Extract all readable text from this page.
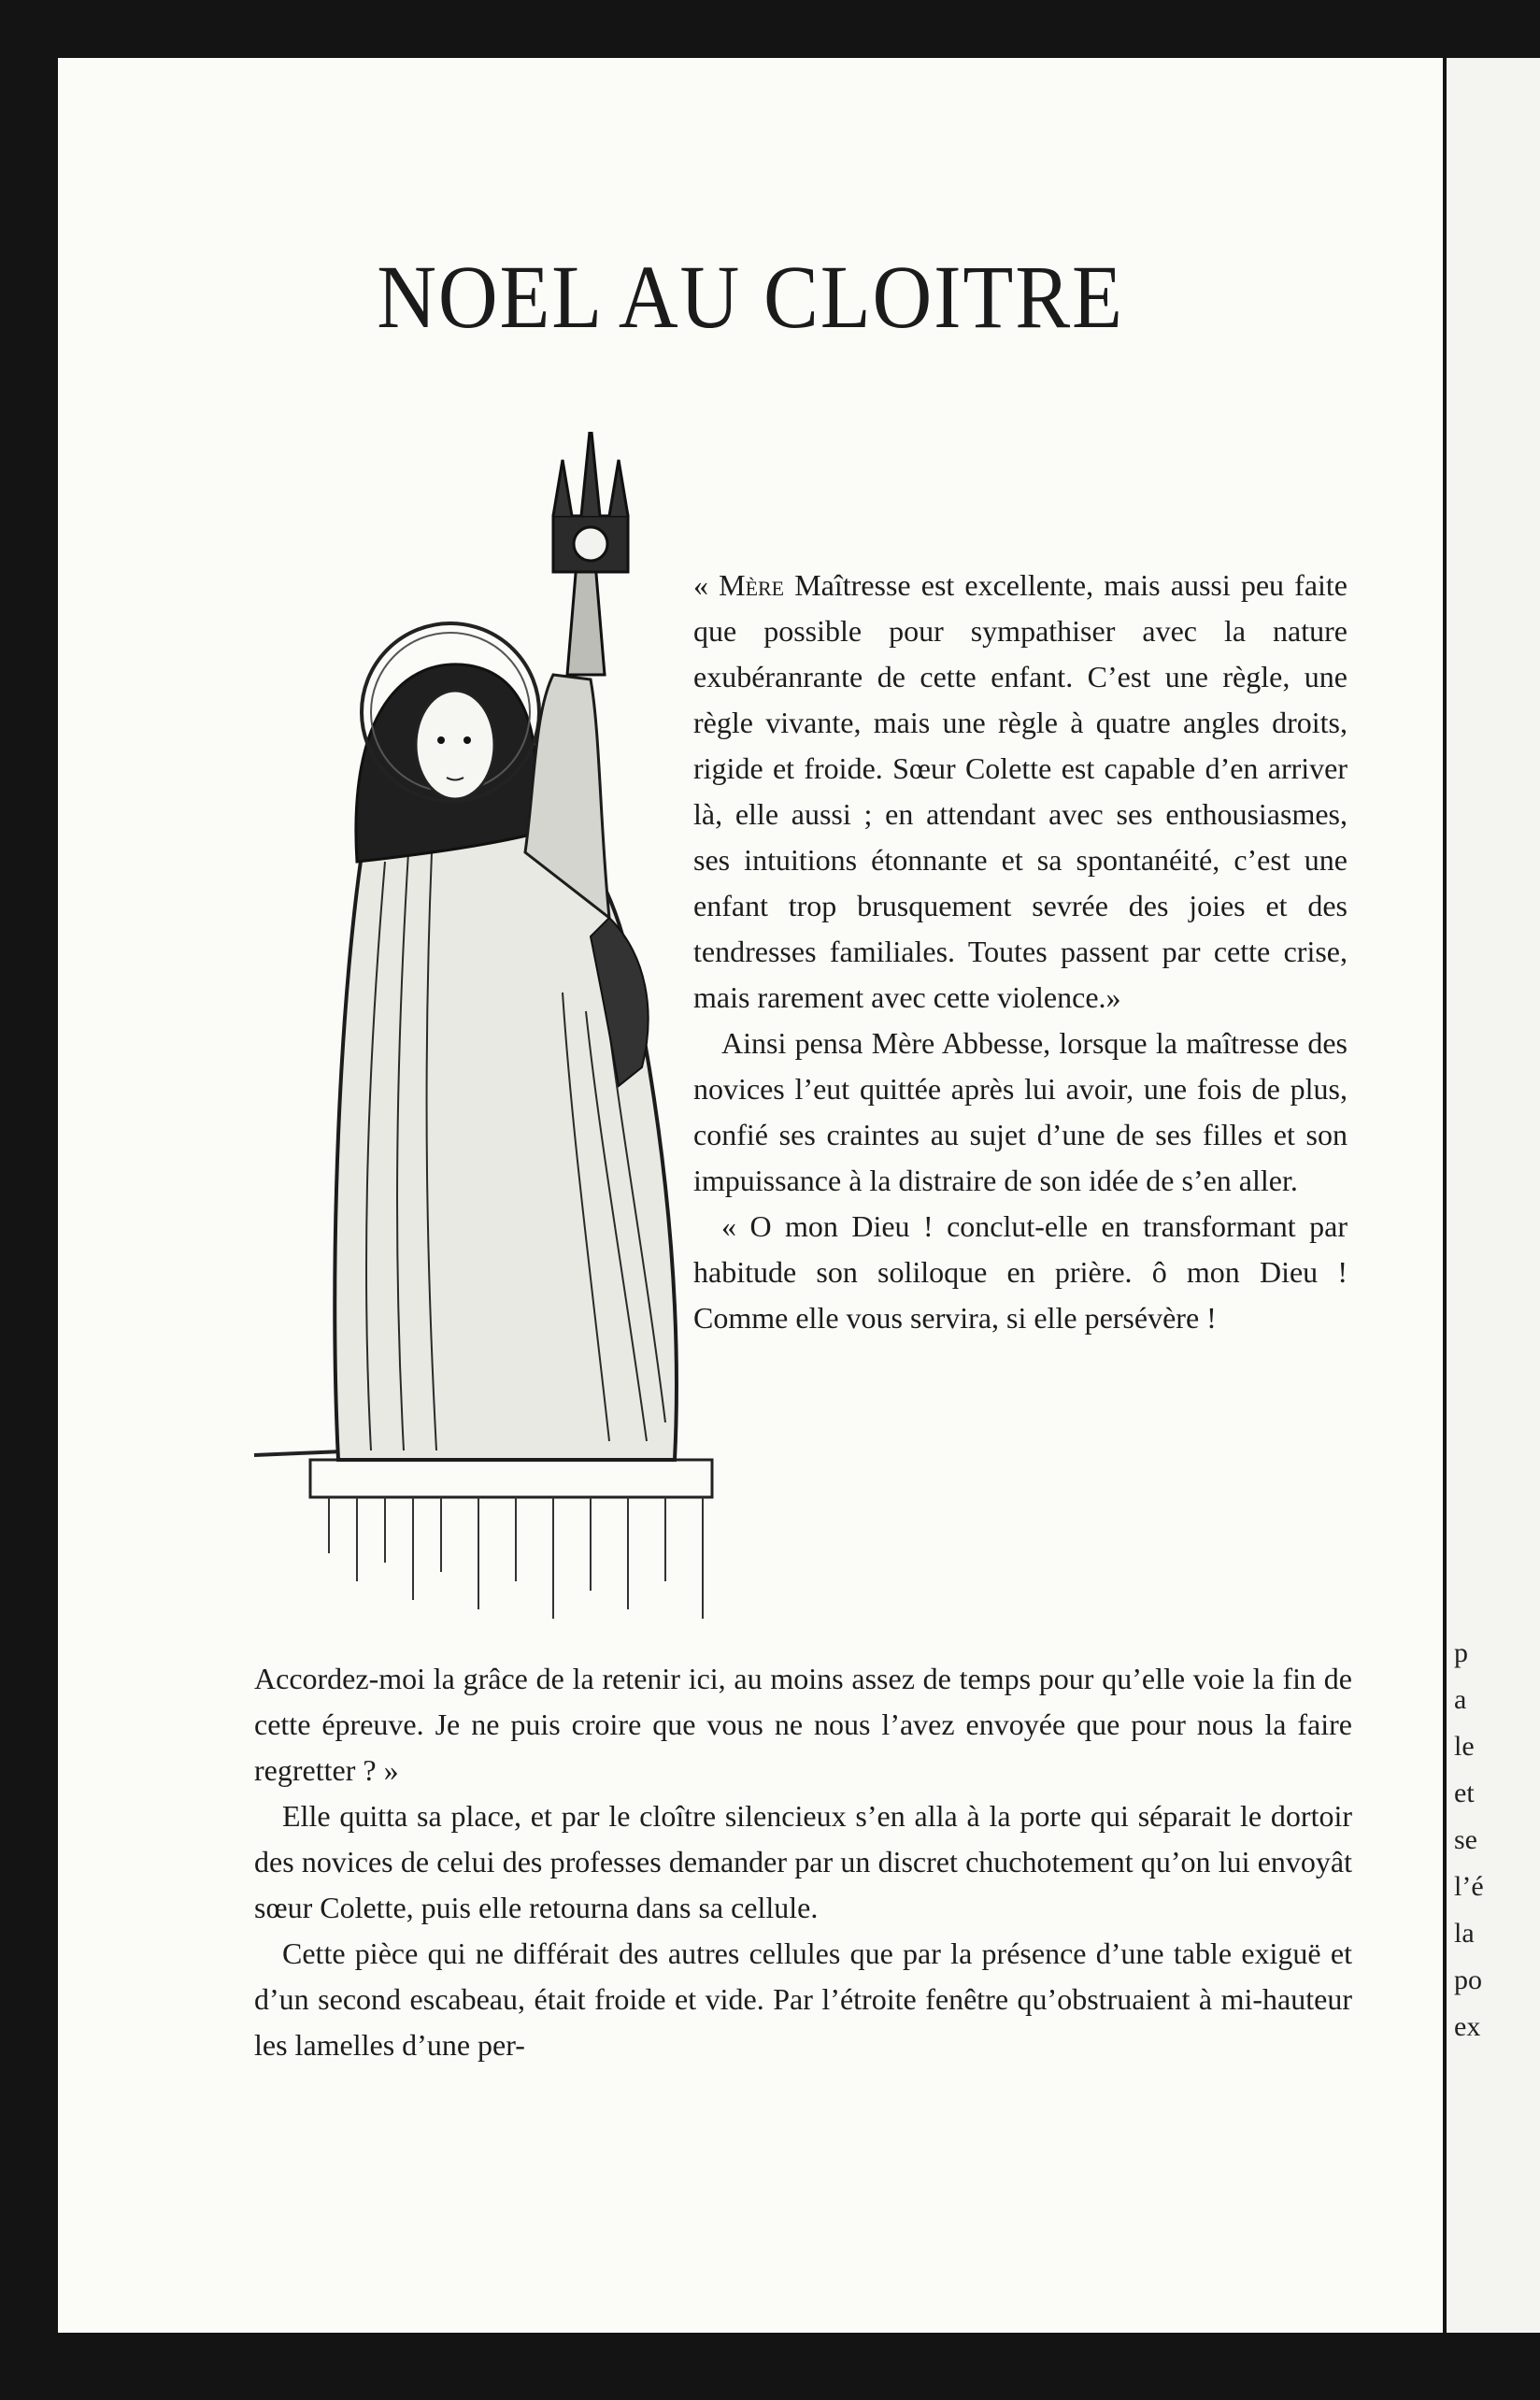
NOEL AU CLOITRE

« Mère Maîtresse est excellente, mais aussi peu faite que possible pour sympathiser avec la nature exubéranrante de cette enfant. C’est une règle, une règle vivante, mais une règle à quatre angles droits, rigide et froide. Sœur Colette est capable d’en arriver là, elle aussi ; en attendant avec ses enthousiasmes, ses intuitions étonnante et sa spontanéité, c’est une enfant trop brusquement sevrée des joies et des tendresses familiales. Toutes passent par cette crise, mais rarement avec cette violence.»

Ainsi pensa Mère Abbesse, lorsque la maîtresse des novices l’eut quittée après lui avoir, une fois de plus, confié ses craintes au sujet d’une de ses filles et son impuissance à la distraire de son idée de s’en aller.

« O mon Dieu ! conclut-elle en transformant par habitude son soliloque en prière. ô mon Dieu ! Comme elle vous servira, si elle persévère !

Accordez-moi la grâce de la retenir ici, au moins assez de temps pour qu’elle voie la fin de cette épreuve. Je ne puis croire que vous ne nous l’avez envoyée que pour nous la faire regretter ? »

Elle quitta sa place, et par le cloître silencieux s’en alla à la porte qui séparait le dortoir des novices de celui des professes demander par un discret chuchotement qu’on lui envoyât sœur Colette, puis elle retourna dans sa cellule.

Cette pièce qui ne différait des autres cellules que par la présence d’une table exiguë et d’un second escabeau, était froide et vide. Par l’étroite fenêtre qu’obstruaient à mi-hauteur les lamelles d’une per-

p
a
le
et
se
l’é
la
po
ex
